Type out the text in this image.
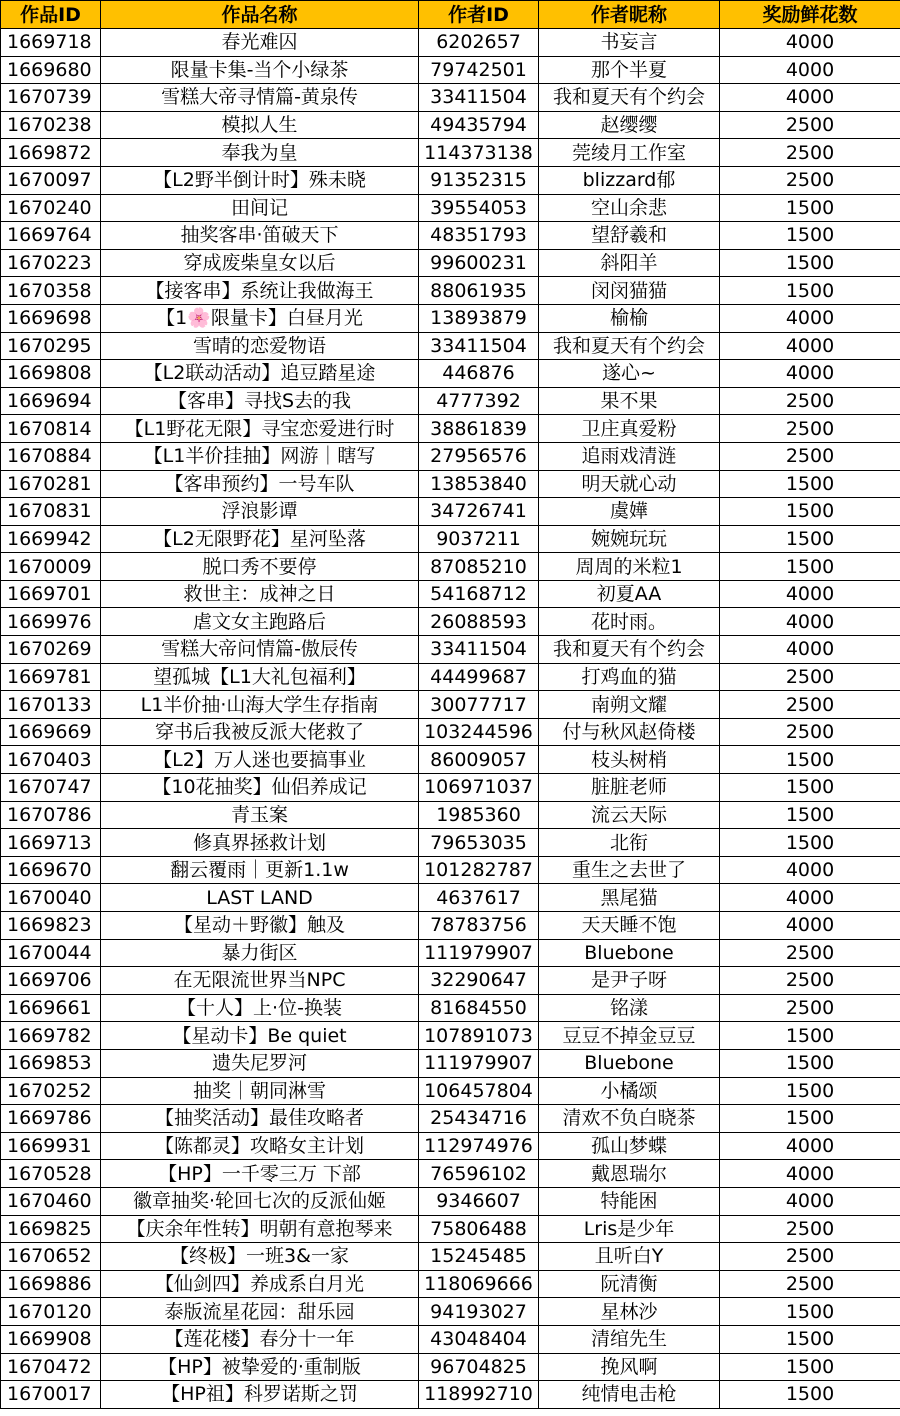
作品ID	作品名称	作者ID	作者昵称	奖励鲜花数
1669718	春光难囚	6202657	书妄言	4000
1669680	限量卡集-当个小绿茶	79742501	那个半夏	4000
1670739	雪糕大帝寻情篇-黄泉传	33411504	我和夏天有个约会	4000
1670238	模拟人生	49435794	赵缨缨	2500
1669872	奉我为皇	114373138	莞绫月工作室	2500
1670097	【L2野半倒计时】殊未晓	91352315	blizzard郁	2500
1670240	田间记	39554053	空山余悲	1500
1669764	抽奖客串·笛破天下	48351793	望舒羲和	1500
1670223	穿成废柴皇女以后	99600231	斜阳羊	1500
1670358	【接客串】系统让我做海王	88061935	闵闵猫猫	1500
1669698	【1🌸限量卡】白昼月光	13893879	榆榆	4000
1670295	雪晴的恋爱物语	33411504	我和夏天有个约会	4000
1669808	【L2联动活动】追豆踏星途	446876	遂心~	4000
1669694	【客串】寻找S去的我	4777392	果不果	2500
1670814	【L1野花无限】寻宝恋爱进行时	38861839	卫庄真爱粉	2500
1670884	【L1半价挂抽】网游｜瞎写	27956576	追雨戏清涟	2500
1670281	【客串预约】一号车队	13853840	明天就心动	1500
1670831	浮浪影谭	34726741	虞嬅	1500
1669942	【L2无限野花】星河坠落	9037211	婉婉玩玩	1500
1670009	脱口秀不要停	87085210	周周的米粒1	1500
1669701	救世主：成神之日	54168712	初夏AA	4000
1669976	虐文女主跑路后	26088593	花时雨。	4000
1670269	雪糕大帝问情篇-傲辰传	33411504	我和夏天有个约会	4000
1669781	望孤城【L1大礼包福利】	44499687	打鸡血的猫	2500
1670133	L1半价抽·山海大学生存指南	30077717	南朔文耀	2500
1669669	穿书后我被反派大佬救了	103244596	付与秋风赵倚楼	2500
1670403	【L2】万人迷也要搞事业	86009057	枝头树梢	1500
1670747	【10花抽奖】仙侣养成记	106971037	脏脏老师	1500
1670786	青玉案	1985360	流云天际	1500
1669713	修真界拯救计划	79653035	北衔	1500
1669670	翻云覆雨｜更新1.1w	101282787	重生之去世了	4000
1670040	LAST LAND	4637617	黑尾猫	4000
1669823	【星动＋野徽】触及	78783756	天天睡不饱	4000
1670044	暴力街区	111979907	Bluebone	2500
1669706	在无限流世界当NPC	32290647	是尹子呀	2500
1669661	【十人】上·位-换装	81684550	铭漾	2500
1669782	【星动卡】Be quiet	107891073	豆豆不掉金豆豆	1500
1669853	遗失尼罗河	111979907	Bluebone	1500
1670252	抽奖｜朝同淋雪	106457804	小橘颂	1500
1669786	【抽奖活动】最佳攻略者	25434716	清欢不负白晓茶	1500
1669931	【陈都灵】攻略女主计划	112974976	孤山梦蝶	4000
1670528	【HP】一千零三万 下部	76596102	戴恩瑞尔	4000
1670460	徽章抽奖·轮回七次的反派仙姬	9346607	特能困	4000
1669825	【庆余年性转】明朝有意抱琴来	75806488	Lris是少年	2500
1670652	【终极】一班3&一家	15245485	且听白Y	2500
1669886	【仙剑四】养成系白月光	118069666	阮清衡	2500
1670120	泰版流星花园：甜乐园	94193027	星林沙	1500
1669908	【莲花楼】春分十一年	43048404	清绾先生	1500
1670472	【HP】被挚爱的·重制版	96704825	挽风啊	1500
1670017	【HP祖】科罗诺斯之罚	118992710	纯情电击枪	1500
